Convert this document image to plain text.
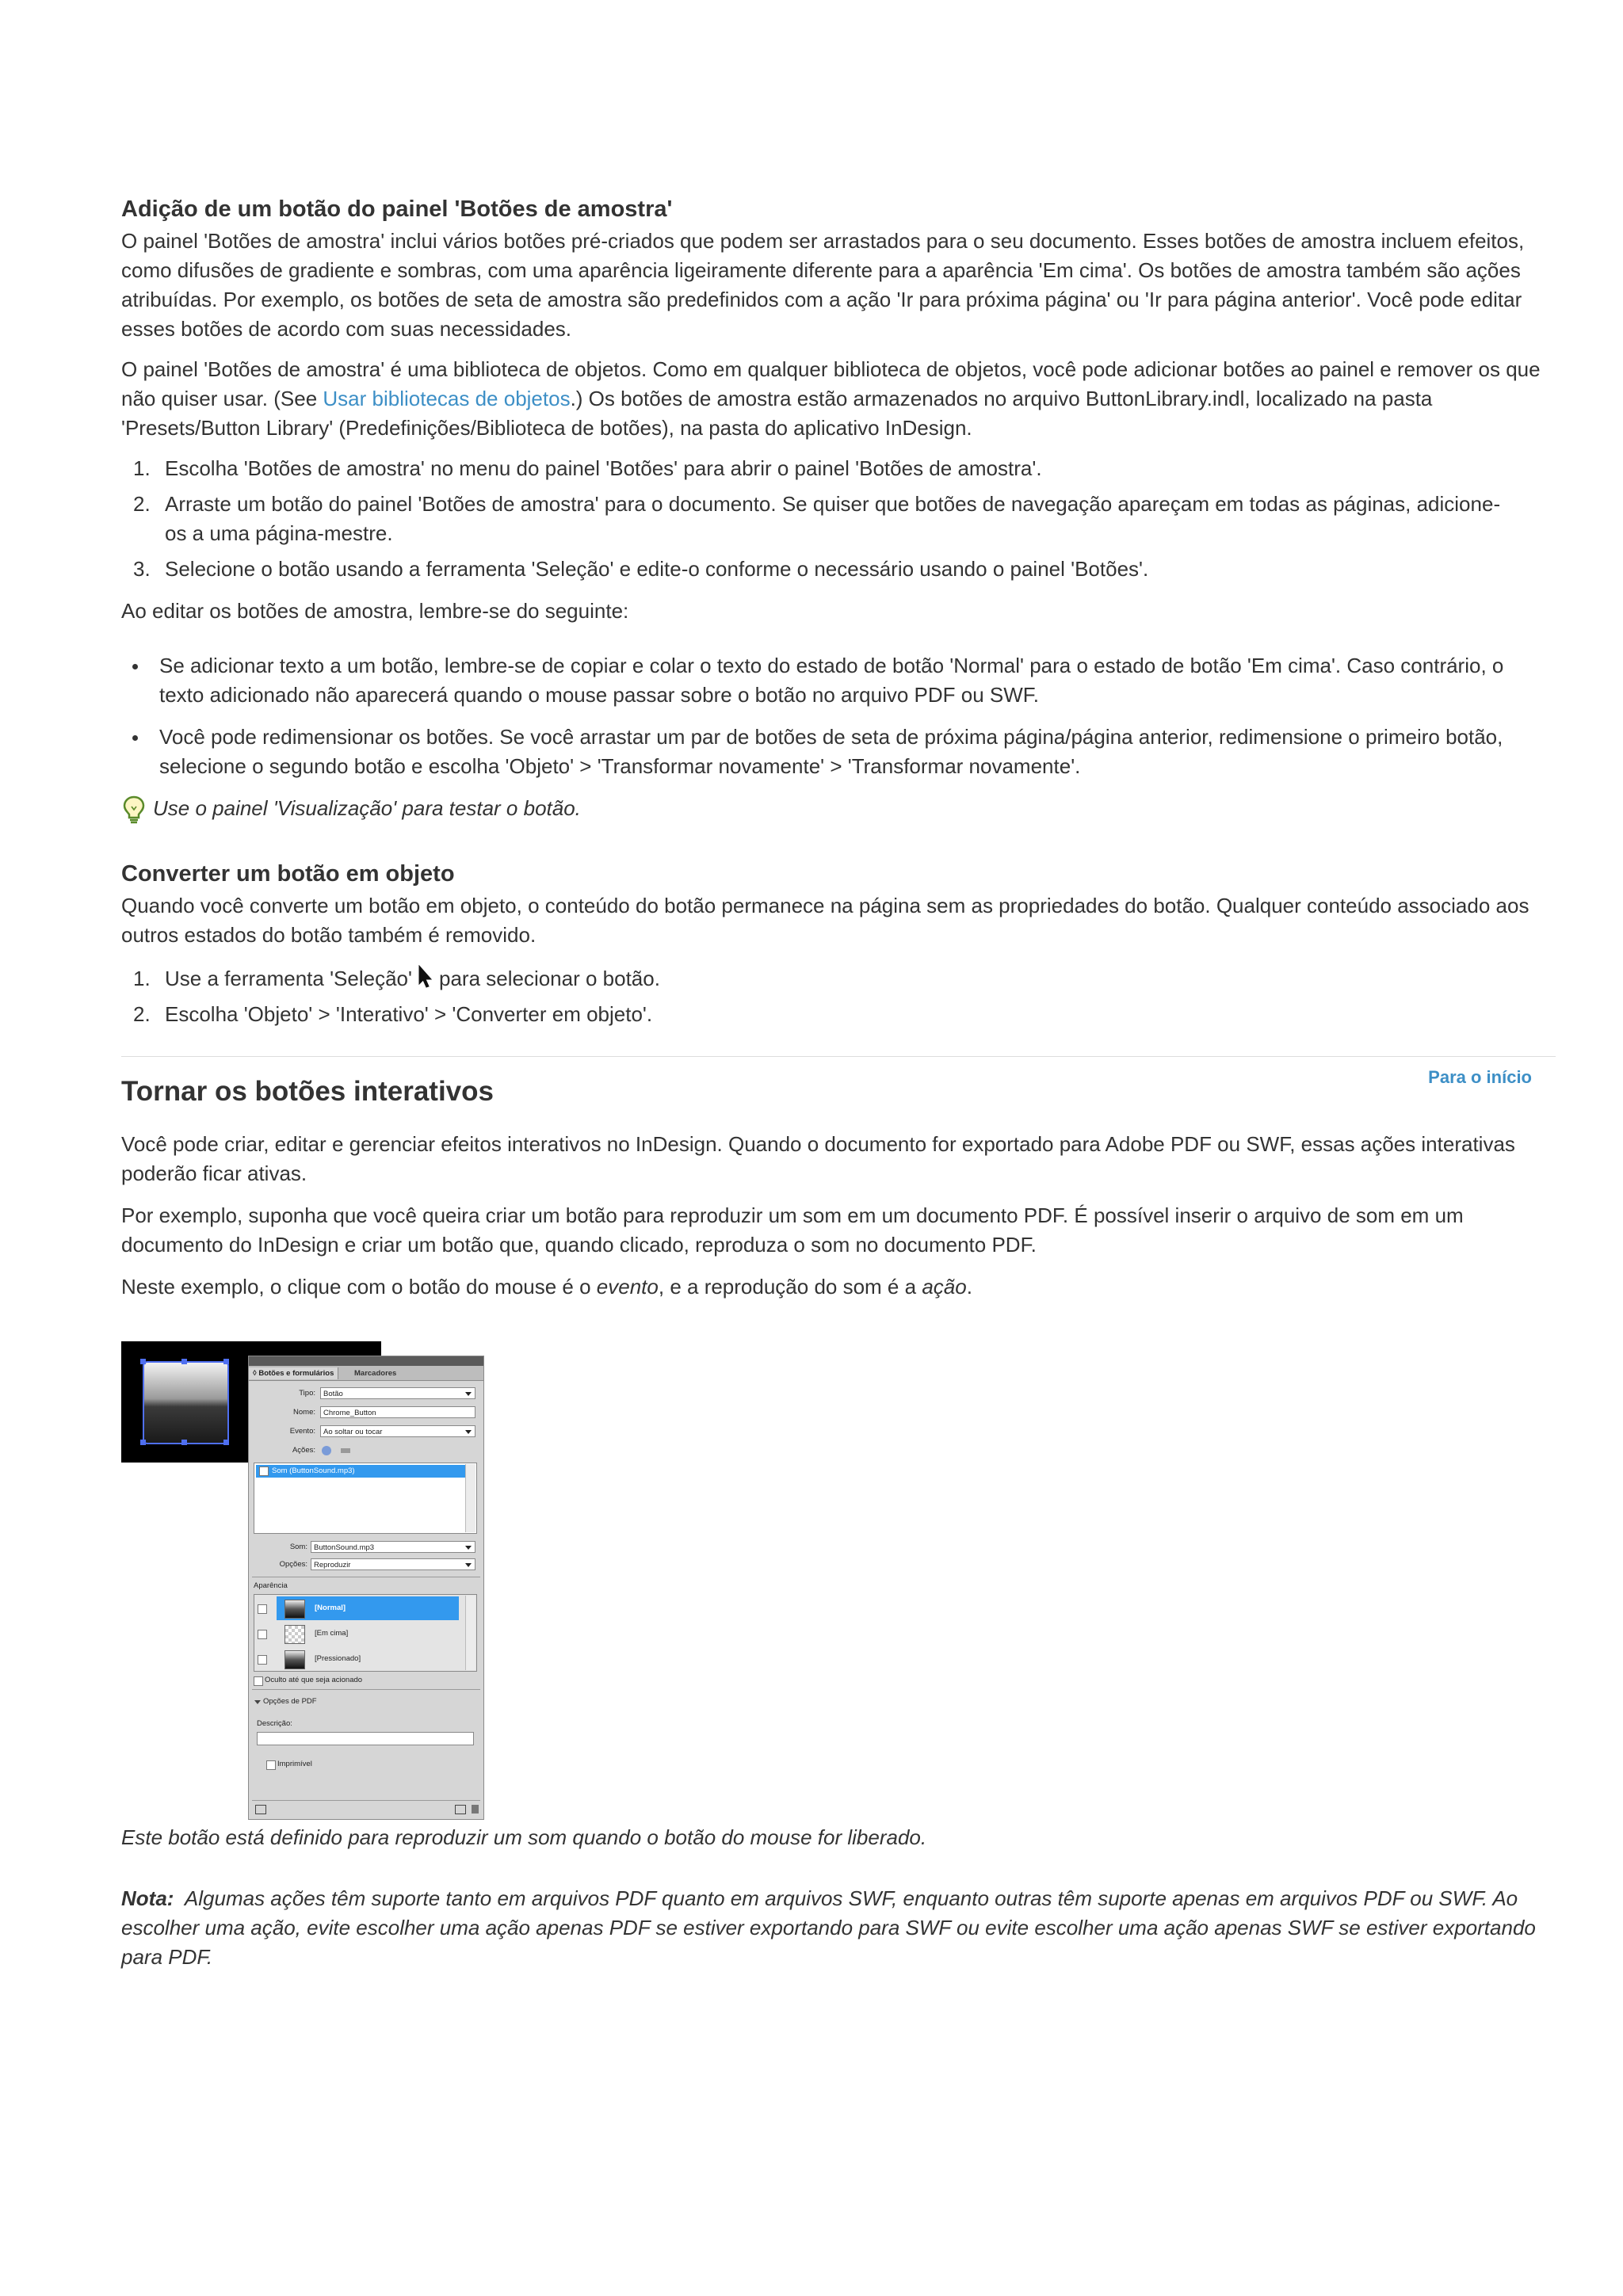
Adição de um botão do painel 'Botões de amostra'

O painel 'Botões de amostra' inclui vários botões pré-criados que podem ser arrastados para o seu documento. Esses botões de amostra incluem efeitos, como difusões de gradiente e sombras, com uma aparência ligeiramente diferente para a aparência 'Em cima'. Os botões de amostra também são ações atribuídas. Por exemplo, os botões de seta de amostra são predefinidos com a ação 'Ir para próxima página' ou 'Ir para página anterior'. Você pode editar esses botões de acordo com suas necessidades.

O painel 'Botões de amostra' é uma biblioteca de objetos. Como em qualquer biblioteca de objetos, você pode adicionar botões ao painel e remover os que não quiser usar. (See Usar bibliotecas de objetos.) Os botões de amostra estão armazenados no arquivo ButtonLibrary.indl, localizado na pasta 'Presets/Button Library' (Predefinições/Biblioteca de botões), na pasta do aplicativo InDesign.

1. Escolha 'Botões de amostra' no menu do painel 'Botões' para abrir o painel 'Botões de amostra'.
2. Arraste um botão do painel 'Botões de amostra' para o documento. Se quiser que botões de navegação apareçam em todas as páginas, adicione-os a uma página-mestre.
3. Selecione o botão usando a ferramenta 'Seleção' e edite-o conforme o necessário usando o painel 'Botões'.

Ao editar os botões de amostra, lembre-se do seguinte:

Se adicionar texto a um botão, lembre-se de copiar e colar o texto do estado de botão 'Normal' para o estado de botão 'Em cima'. Caso contrário, o texto adicionado não aparecerá quando o mouse passar sobre o botão no arquivo PDF ou SWF.
Você pode redimensionar os botões. Se você arrastar um par de botões de seta de próxima página/página anterior, redimensione o primeiro botão, selecione o segundo botão e escolha 'Objeto' > 'Transformar novamente' > 'Transformar novamente'.
Use o painel 'Visualização' para testar o botão.
Converter um botão em objeto

Quando você converte um botão em objeto, o conteúdo do botão permanece na página sem as propriedades do botão. Qualquer conteúdo associado aos outros estados do botão também é removido.

1. Use a ferramenta 'Seleção' para selecionar o botão.
2. Escolha 'Objeto' > 'Interativo' > 'Converter em objeto'.
Para o início
Tornar os botões interativos

Você pode criar, editar e gerenciar efeitos interativos no InDesign. Quando o documento for exportado para Adobe PDF ou SWF, essas ações interativas poderão ficar ativas.

Por exemplo, suponha que você queira criar um botão para reproduzir um som em um documento PDF. É possível inserir o arquivo de som em um documento do InDesign e criar um botão que, quando clicado, reproduza o som no documento PDF.

Neste exemplo, o clique com o botão do mouse é o evento, e a reprodução do som é a ação.

◊ Botões e formulários	Marcadores
Tipo:	Botão
Nome:	Chrome_Button
Evento:	Ao soltar ou tocar
Ações:
Som (ButtonSound.mp3)
Som: ButtonSound.mp3
Opções: Reproduzir
Aparência
[Normal]
[Em cima]
[Pressionado]
Oculto até que seja acionado
Opções de PDF
Descrição:
Imprimível

Este botão está definido para reproduzir um som quando o botão do mouse for liberado.

Nota: Algumas ações têm suporte tanto em arquivos PDF quanto em arquivos SWF, enquanto outras têm suporte apenas em arquivos PDF ou SWF. Ao escolher uma ação, evite escolher uma ação apenas PDF se estiver exportando para SWF ou evite escolher uma ação apenas SWF se estiver exportando para PDF.
